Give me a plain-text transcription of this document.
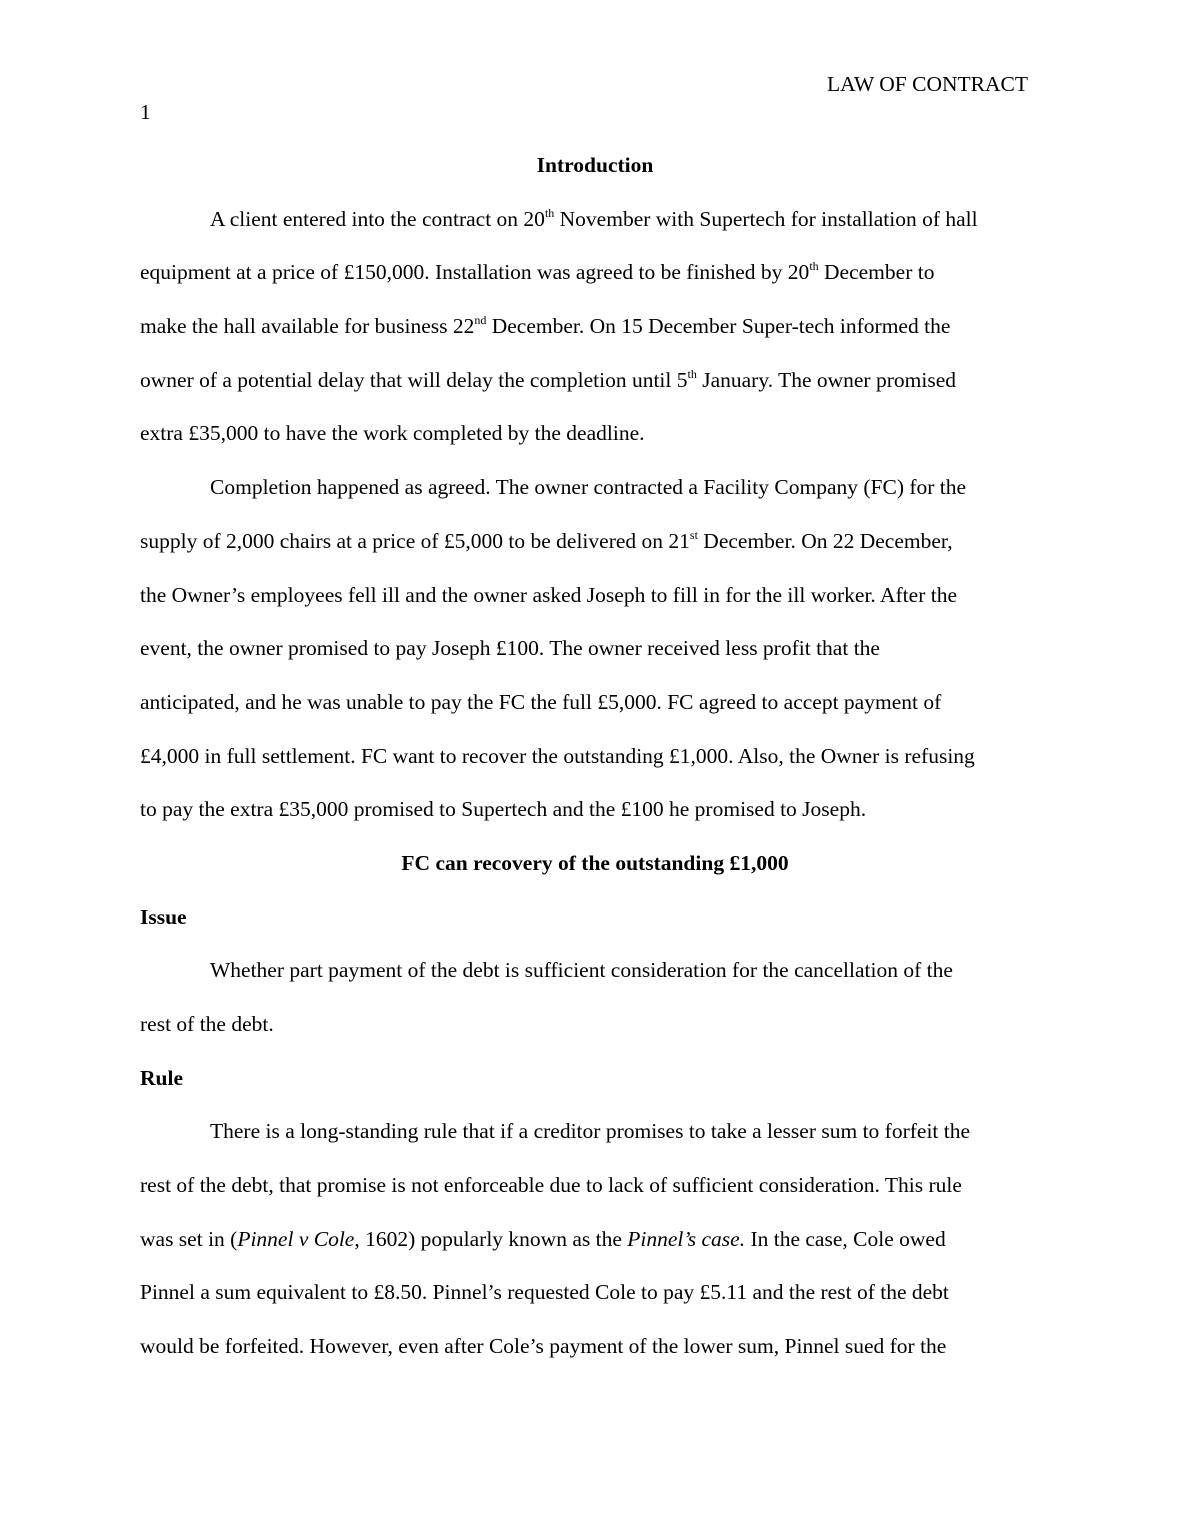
LAW OF CONTRACT
1
Introduction
A client entered into the contract on 20th November with Supertech for installation of hall
equipment at a price of £150,000. Installation was agreed to be finished by 20th December to
make the hall available for business 22nd December. On 15 December Super-tech informed the
owner of a potential delay that will delay the completion until 5th January. The owner promised
extra £35,000 to have the work completed by the deadline.
Completion happened as agreed. The owner contracted a Facility Company (FC) for the
supply of 2,000 chairs at a price of £5,000 to be delivered on 21st December. On 22 December,
the Owner’s employees fell ill and the owner asked Joseph to fill in for the ill worker. After the
event, the owner promised to pay Joseph £100. The owner received less profit that the
anticipated, and he was unable to pay the FC the full £5,000. FC agreed to accept payment of
£4,000 in full settlement. FC want to recover the outstanding £1,000. Also, the Owner is refusing
to pay the extra £35,000 promised to Supertech and the £100 he promised to Joseph.
FC can recovery of the outstanding £1,000
Issue
Whether part payment of the debt is sufficient consideration for the cancellation of the
rest of the debt.
Rule
There is a long-standing rule that if a creditor promises to take a lesser sum to forfeit the
rest of the debt, that promise is not enforceable due to lack of sufficient consideration. This rule
was set in (Pinnel v Cole, 1602) popularly known as the Pinnel’s case. In the case, Cole owed
Pinnel a sum equivalent to £8.50. Pinnel’s requested Cole to pay £5.11 and the rest of the debt
would be forfeited. However, even after Cole’s payment of the lower sum, Pinnel sued for the
